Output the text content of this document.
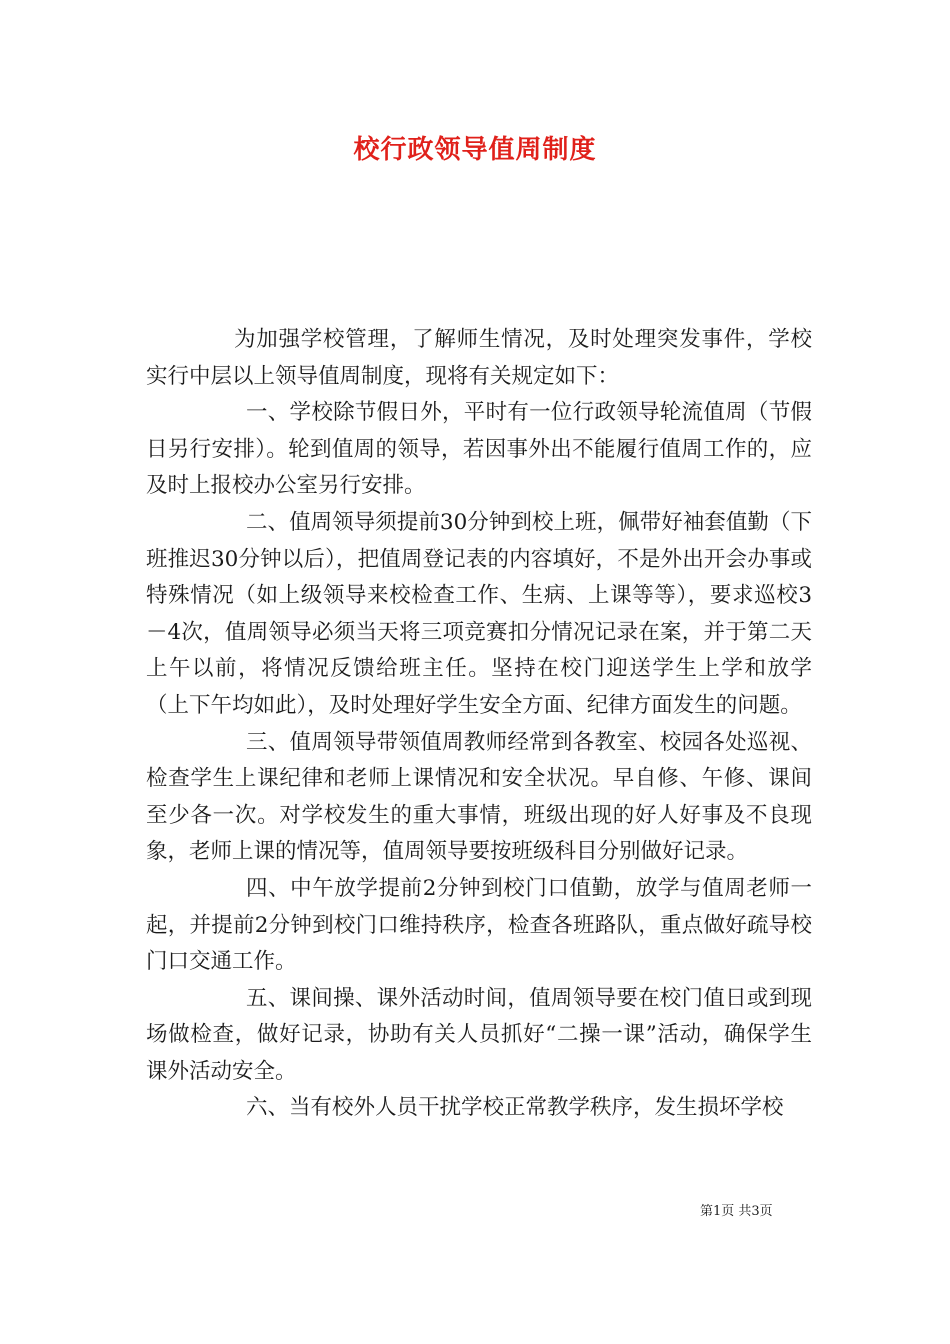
校行政领导值周制度

为加强学校管理，了解师生情况，及时处理突发事件，学校实行中层以上领导值周制度，现将有关规定如下：

一、学校除节假日外，平时有一位行政领导轮流值周（节假日另行安排）。轮到值周的领导，若因事外出不能履行值周工作的，应及时上报校办公室另行安排。

二、值周领导须提前30分钟到校上班，佩带好袖套值勤（下班推迟30分钟以后），把值周登记表的内容填好，不是外出开会办事或特殊情况（如上级领导来校检查工作、生病、上课等等），要求巡校3－4次，值周领导必须当天将三项竞赛扣分情况记录在案，并于第二天上午以前，将情况反馈给班主任。坚持在校门迎送学生上学和放学（上下午均如此），及时处理好学生安全方面、纪律方面发生的问题。

三、值周领导带领值周教师经常到各教室、校园各处巡视、检查学生上课纪律和老师上课情况和安全状况。早自修、午修、课间至少各一次。对学校发生的重大事情，班级出现的好人好事及不良现象，老师上课的情况等，值周领导要按班级科目分别做好记录。

四、中午放学提前2分钟到校门口值勤，放学与值周老师一起，并提前2分钟到校门口维持秩序，检查各班路队，重点做好疏导校门口交通工作。

五、课间操、课外活动时间，值周领导要在校门值日或到现场做检查，做好记录，协助有关人员抓好“二操一课”活动，确保学生课外活动安全。

六、当有校外人员干扰学校正常教学秩序，发生损坏学校

第1页 共3页
